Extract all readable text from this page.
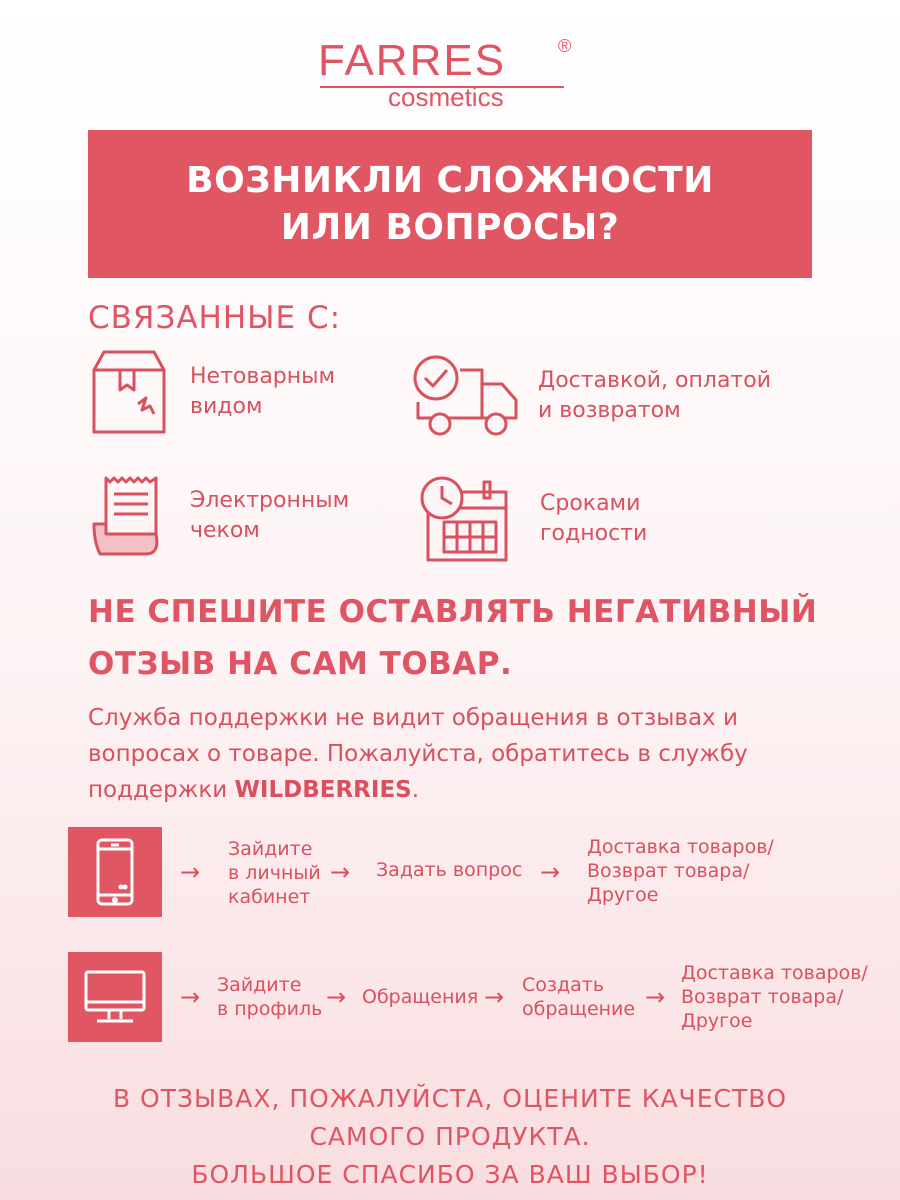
FARRES	®
cosmetics
ВОЗНИКЛИ СЛОЖНОСТИ
ИЛИ ВОПРОСЫ?
СВЯЗАННЫЕ С:
Нетоварным
видом
Доставкой, оплатой
и возвратом
Электронным
чеком
Сроками
годности
НЕ СПЕШИТЕ ОСТАВЛЯТЬ НЕГАТИВНЫЙ
ОТЗЫВ НА САМ ТОВАР.
Служба поддержки не видит обращения в отзывах и
вопросах о товаре. Пожалуйста, обратитесь в службу
поддержки WILDBERRIES.
→
Зайдите
в личный
кабинет
→ Задать вопрос →
Доставка товаров/
Возврат товара/
Другое
→ Зайдите
в профиль → Обращения → Создать
обращение →
Доставка товаров/
Возврат товара/
Другое
В ОТЗЫВАХ, ПОЖАЛУЙСТА, ОЦЕНИТЕ КАЧЕСТВО
САМОГО ПРОДУКТА.
БОЛЬШОЕ СПАСИБО ЗА ВАШ ВЫБОР!
